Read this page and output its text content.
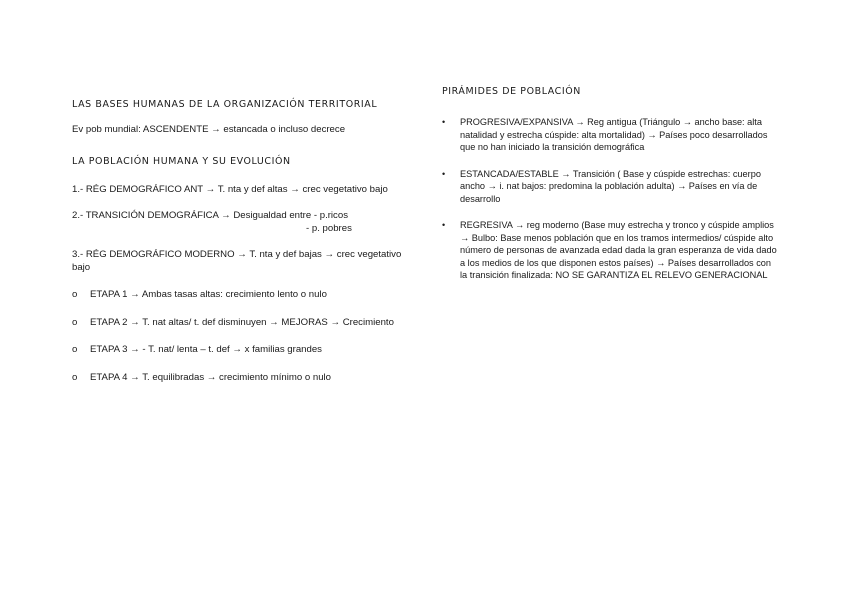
LAS BASES HUMANAS DE LA ORGANIZACIÓN TERRITORIAL
Ev pob mundial: ASCENDENTE → estancada o incluso decrece
LA POBLACIÓN HUMANA Y SU EVOLUCIÓN
1.- RÉG DEMOGRÁFICO ANT → T. nta y def altas → crec vegetativo bajo
2.- TRANSICIÓN DEMOGRÁFICA → Desigualdad entre - p.ricos
- p. pobres
3.- RÉG DEMOGRÁFICO MODERNO → T. nta y def bajas → crec vegetativo bajo
o	ETAPA 1 → Ambas tasas altas: crecimiento lento o nulo
o	ETAPA 2 → T. nat altas/ t. def disminuyen → MEJORAS → Crecimiento
o	ETAPA 3 → - T. nat/ lenta – t. def → x familias grandes
o	ETAPA 4 → T. equilibradas → crecimiento mínimo o nulo
PIRÁMIDES DE POBLACIÓN
•	PROGRESIVA/EXPANSIVA → Reg antigua (Triángulo → ancho base: alta natalidad y estrecha cúspide: alta mortalidad) → Países poco desarrollados que no han iniciado la transición demográfica
•	ESTANCADA/ESTABLE → Transición ( Base y cúspide estrechas: cuerpo ancho → i. nat bajos: predomina la población adulta) → Países en vía de desarrollo
•	REGRESIVA → reg moderno (Base muy estrecha y tronco y cúspide amplios → Bulbo: Base menos población que en los tramos intermedios/ cúspide alto número de personas de avanzada edad dada la gran esperanza de vida dado a los medios de los que disponen estos países) → Países desarrollados con la transición finalizada: NO SE GARANTIZA EL RELEVO GENERACIONAL
